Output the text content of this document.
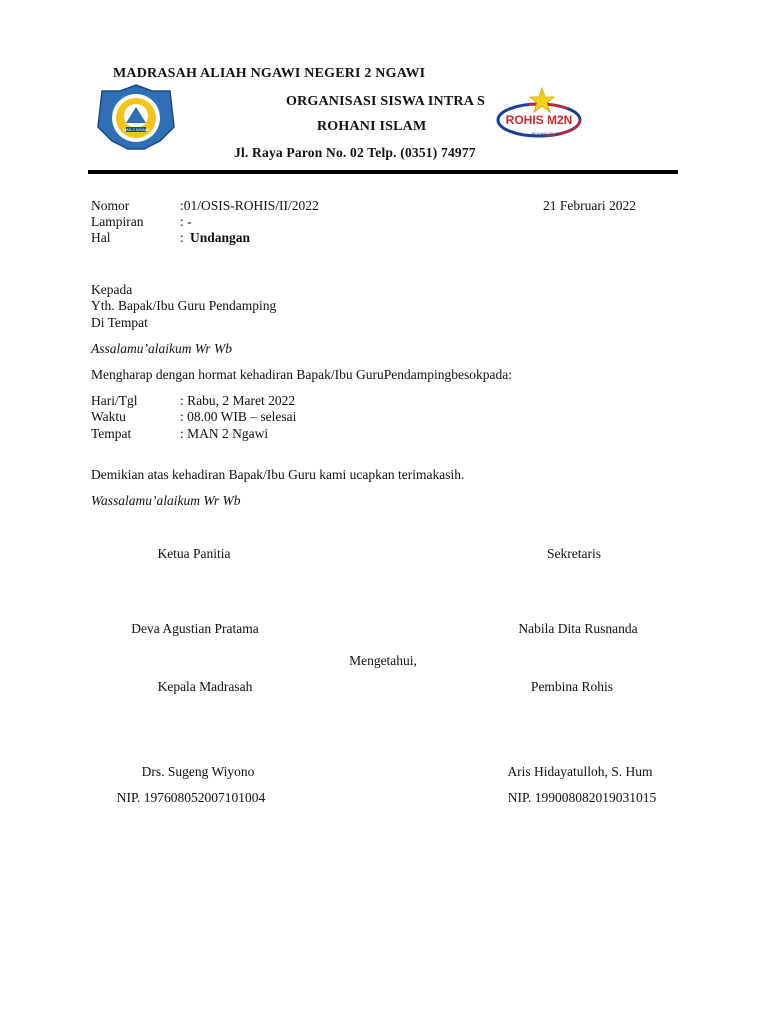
MADRASAH ALIAH NGAWI NEGERI 2 NGAWI
MAN 2 NGAWI
ORGANISASI SISWA INTRA S
ROHIS M2N
ROHANI ISLAM
ROHANI ISLAM
Jl. Raya Paron No. 02 Telp. (0351) 74977
Nomor	:01/OSIS-ROHIS/II/2022	21 Februari 2022
Lampiran	: -
Hal	: Undangan
Kepada
Yth. Bapak/Ibu Guru Pendamping
Di Tempat
Assalamu’alaikum Wr Wb
Mengharap dengan hormat kehadiran Bapak/Ibu GuruPendampingbesokpada:
Hari/Tgl	: Rabu, 2 Maret 2022
Waktu	: 08.00 WIB – selesai
Tempat	: MAN 2 Ngawi
Demikian atas kehadiran Bapak/Ibu Guru kami ucapkan terimakasih.
Wassalamu’alaikum Wr Wb
Ketua Panitia	Sekretaris
Deva Agustian Pratama	Nabila Dita Rusnanda
Mengetahui,
Kepala Madrasah	Pembina Rohis
Drs. Sugeng Wiyono	Aris Hidayatulloh, S. Hum
NIP. 197608052007101004	NIP. 199008082019031015
